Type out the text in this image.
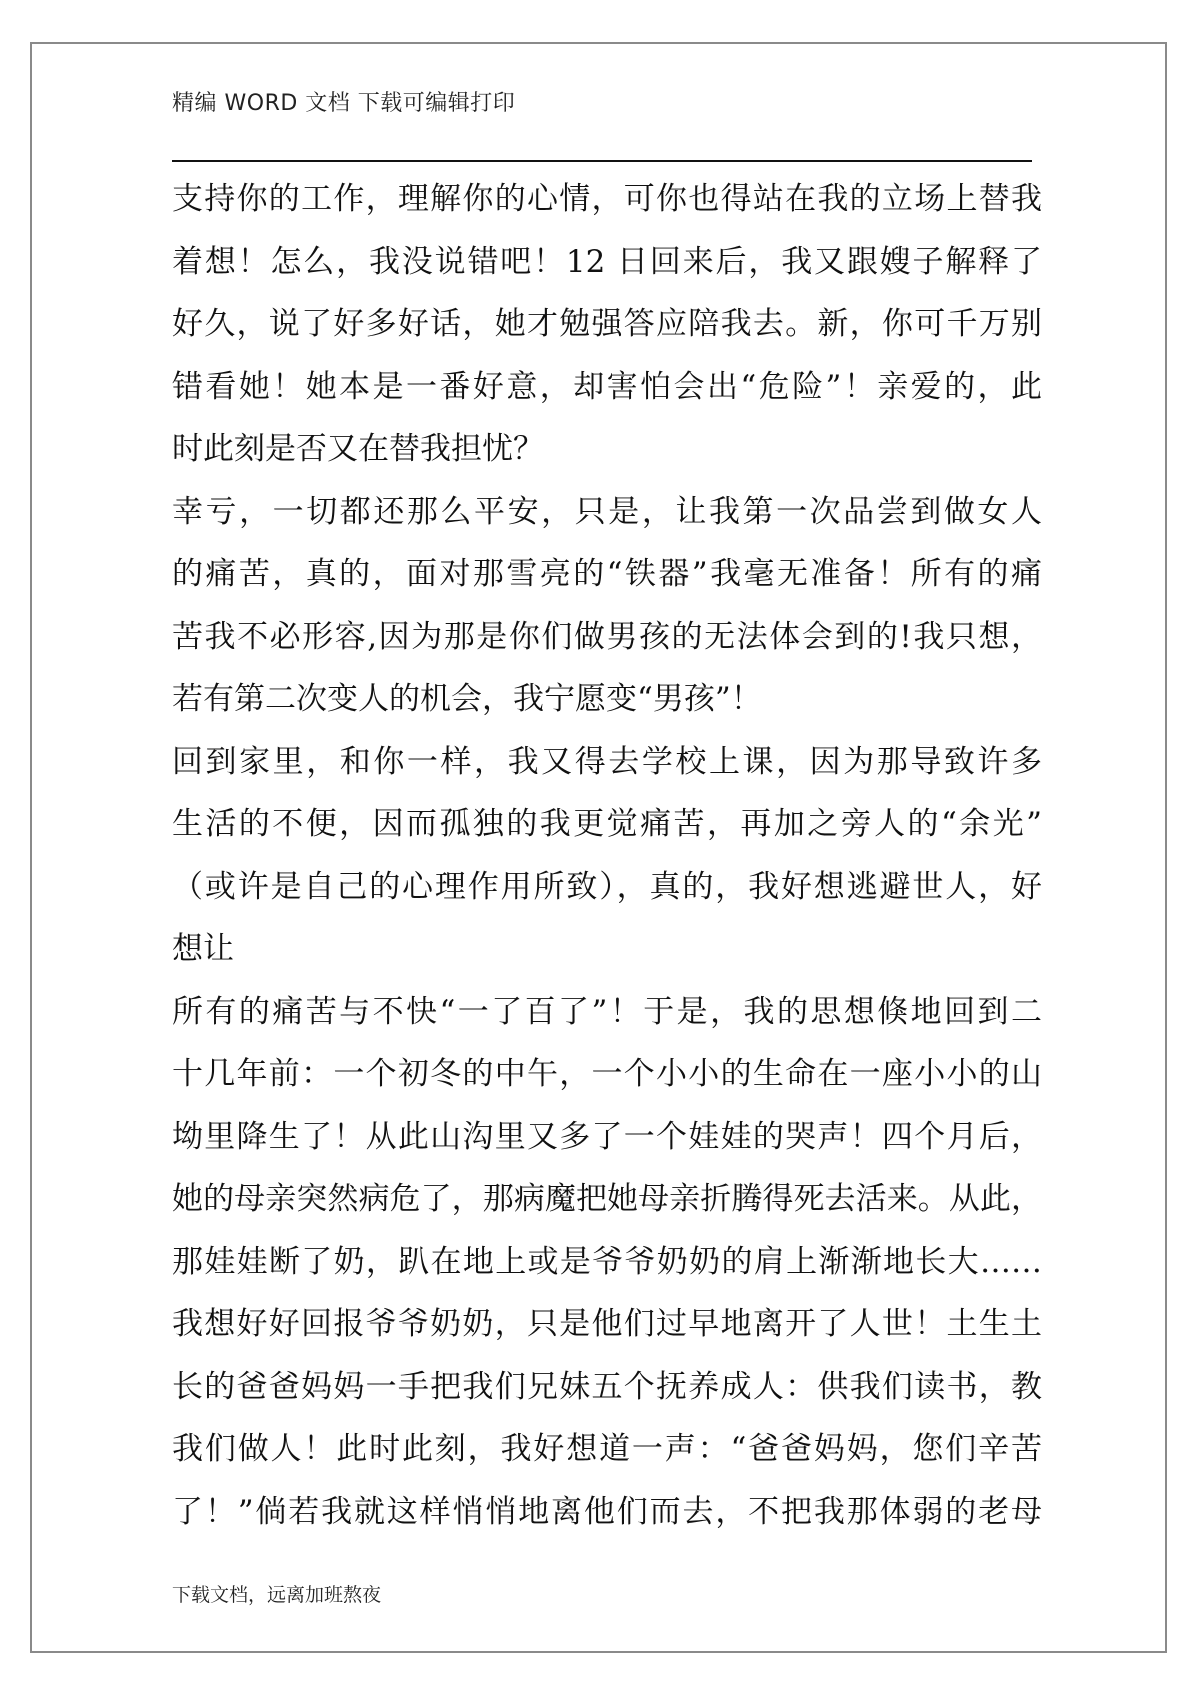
精编 WORD 文档 下载可编辑打印
支持你的工作，理解你的心情，可你也得站在我的立场上替我
着想！怎么，我没说错吧！12 日回来后，我又跟嫂子解释了
好久，说了好多好话，她才勉强答应陪我去。新，你可千万别
错看她！她本是一番好意，却害怕会出“危险”！亲爱的，此
时此刻是否又在替我担忧？
幸亏，一切都还那么平安，只是，让我第一次品尝到做女人
的痛苦，真的，面对那雪亮的“铁器”我毫无准备！所有的痛
苦我不必形容,因为那是你们做男孩的无法体会到的!我只想，
若有第二次变人的机会，我宁愿变“男孩”！
回到家里，和你一样，我又得去学校上课，因为那导致许多
生活的不便，因而孤独的我更觉痛苦，再加之旁人的“余光”
（或许是自己的心理作用所致），真的，我好想逃避世人，好
想让
所有的痛苦与不快“一了百了”！于是，我的思想倏地回到二
十几年前：一个初冬的中午，一个小小的生命在一座小小的山
坳里降生了！从此山沟里又多了一个娃娃的哭声！四个月后，
她的母亲突然病危了，那病魔把她母亲折腾得死去活来。从此，
那娃娃断了奶，趴在地上或是爷爷奶奶的肩上渐渐地长大……
我想好好回报爷爷奶奶，只是他们过早地离开了人世！土生土
长的爸爸妈妈一手把我们兄妹五个抚养成人：供我们读书，教
我们做人！此时此刻，我好想道一声：“爸爸妈妈，您们辛苦
了！”倘若我就这样悄悄地离他们而去，不把我那体弱的老母
下载文档，远离加班熬夜
